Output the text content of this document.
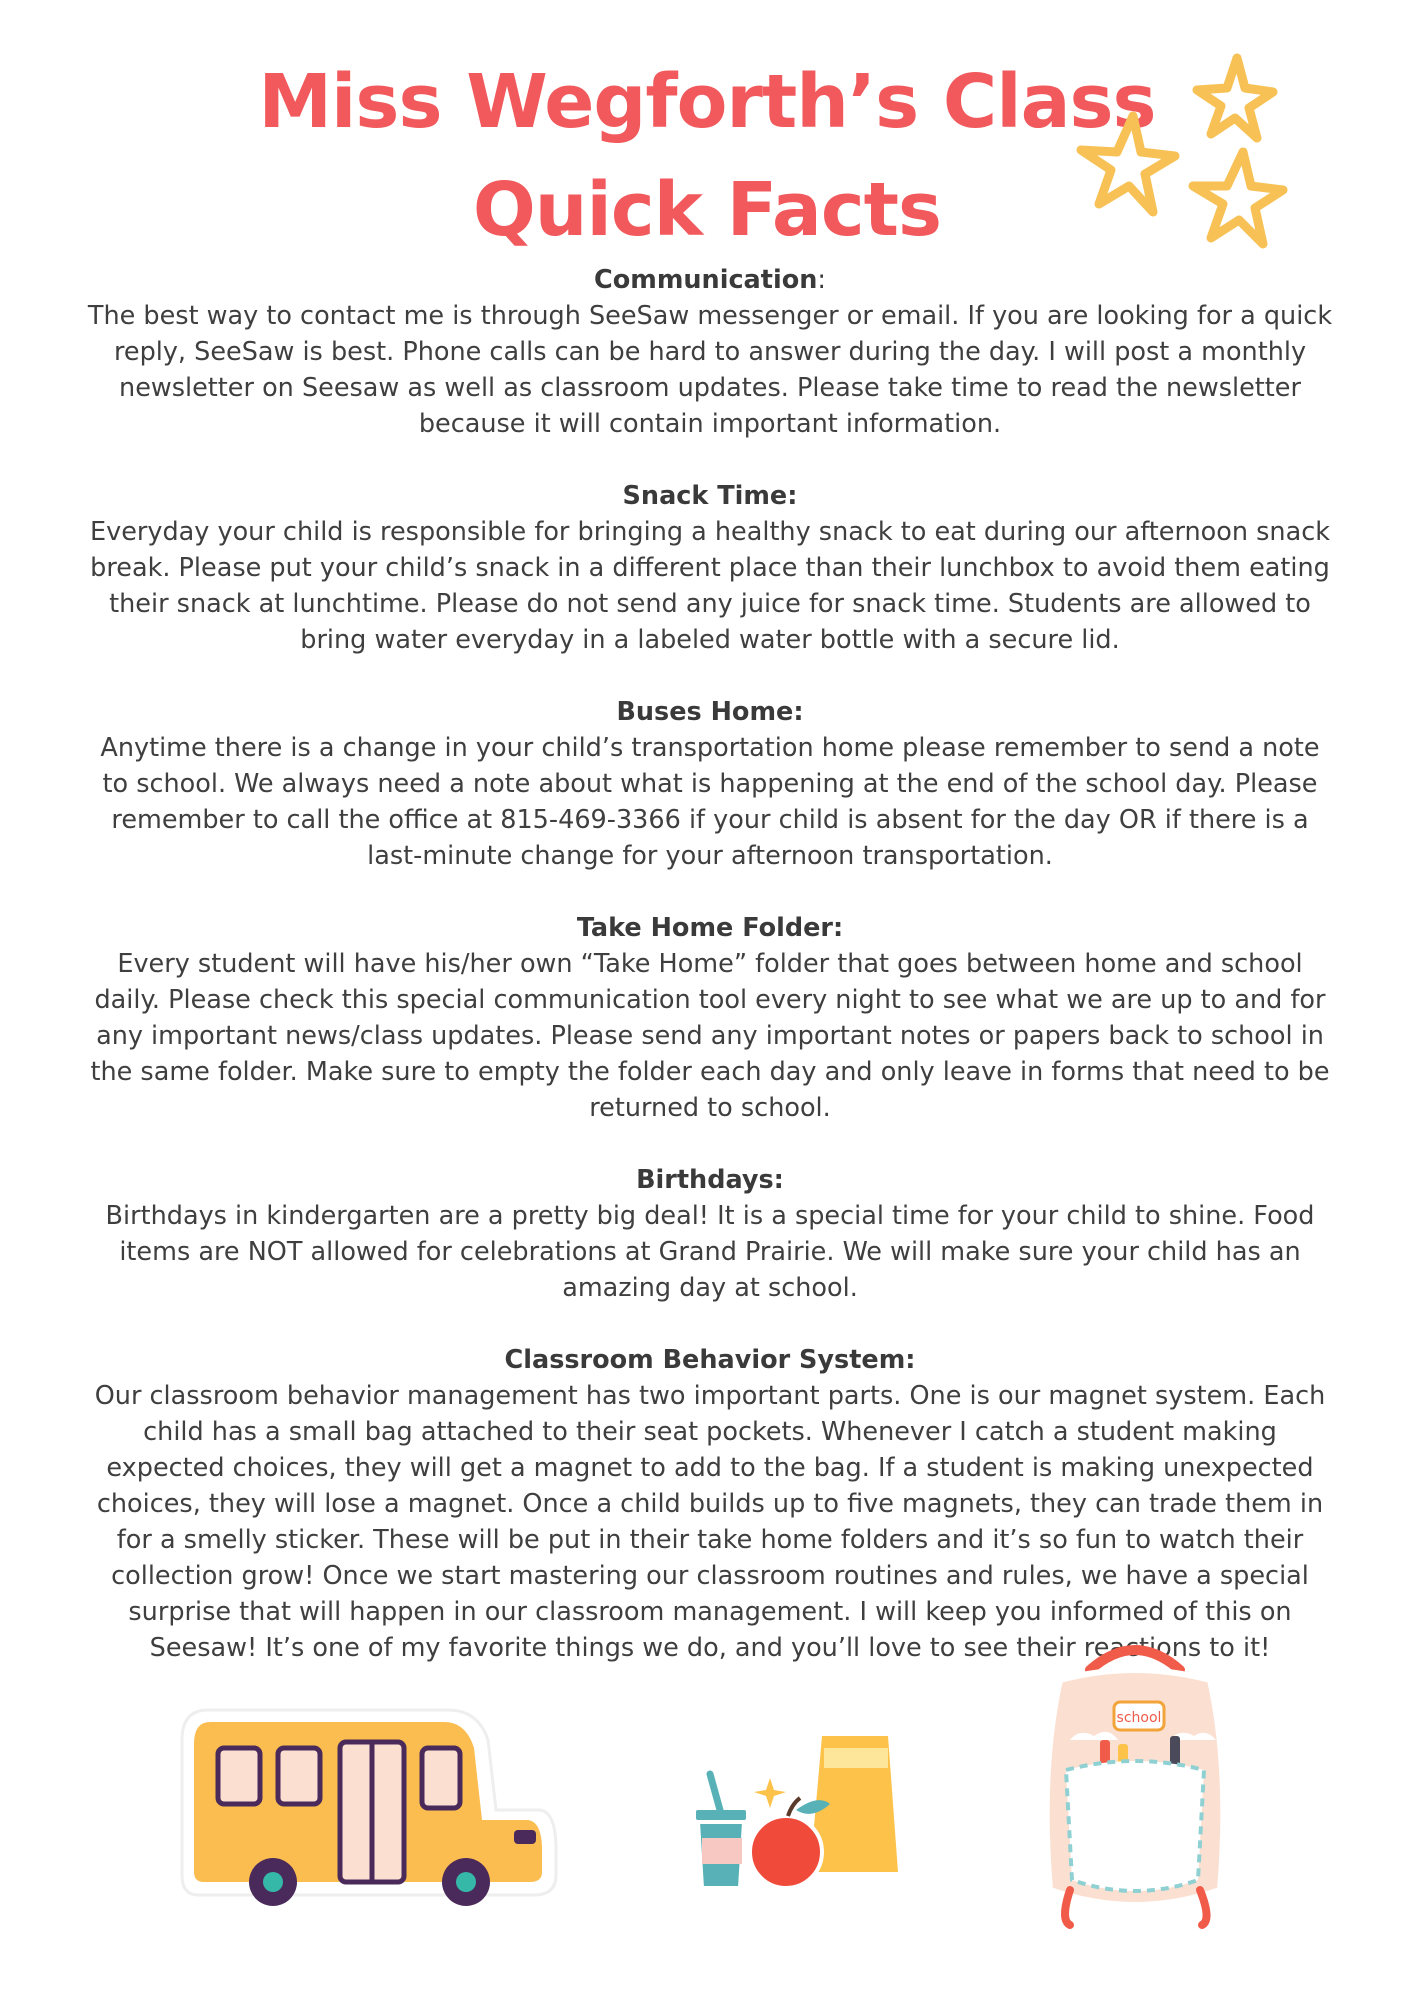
Miss Wegforth’s Class
Quick Facts
Communication:

The best way to contact me is through SeeSaw messenger or email. If you are looking for a quick reply, SeeSaw is best. Phone calls can be hard to answer during the day. I will post a monthly newsletter on Seesaw as well as classroom updates. Please take time to read the newsletter because it will contain important information.

Snack Time:

Everyday your child is responsible for bringing a healthy snack to eat during our afternoon snack break. Please put your child’s snack in a different place than their lunchbox to avoid them eating their snack at lunchtime. Please do not send any juice for snack time. Students are allowed to bring water everyday in a labeled water bottle with a secure lid.

Buses Home:

Anytime there is a change in your child’s transportation home please remember to send a note to school. We always need a note about what is happening at the end of the school day. Please remember to call the office at 815-469-3366 if your child is absent for the day OR if there is a last-minute change for your afternoon transportation.

Take Home Folder:

Every student will have his/her own “Take Home” folder that goes between home and school daily. Please check this special communication tool every night to see what we are up to and for any important news/class updates. Please send any important notes or papers back to school in the same folder. Make sure to empty the folder each day and only leave in forms that need to be returned to school.

Birthdays:

Birthdays in kindergarten are a pretty big deal! It is a special time for your child to shine. Food items are NOT allowed for celebrations at Grand Prairie. We will make sure your child has an amazing day at school.

Classroom Behavior System:

Our classroom behavior management has two important parts. One is our magnet system. Each child has a small bag attached to their seat pockets. Whenever I catch a student making expected choices, they will get a magnet to add to the bag. If a student is making unexpected choices, they will lose a magnet. Once a child builds up to five magnets, they can trade them in for a smelly sticker. These will be put in their take home folders and it’s so fun to watch their collection grow! Once we start mastering our classroom routines and rules, we have a special surprise that will happen in our classroom management. I will keep you informed of this on Seesaw! It’s one of my favorite things we do, and you’ll love to see their reactions to it!

school
